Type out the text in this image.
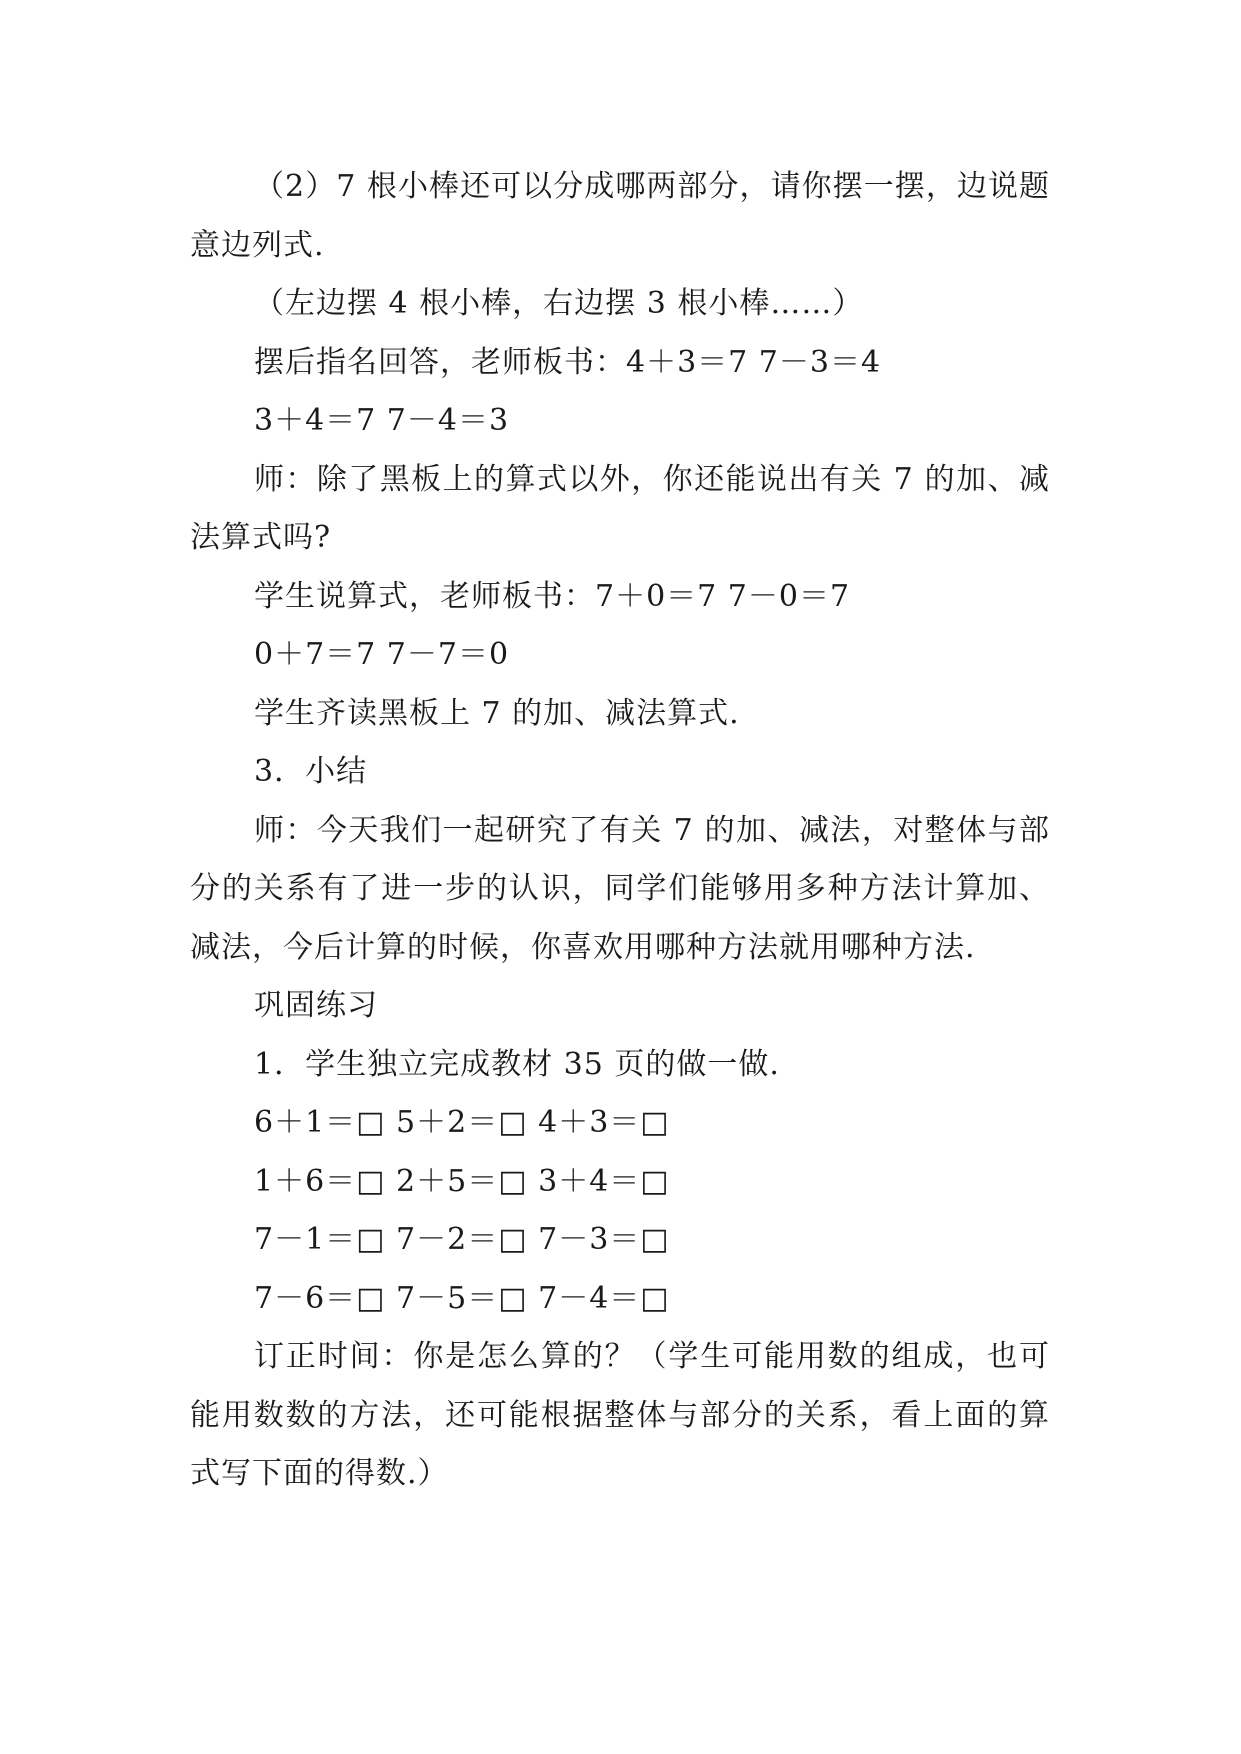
（2）7 根小棒还可以分成哪两部分，请你摆一摆，边说题意边列式.

（左边摆 4 根小棒，右边摆 3 根小棒……）

摆后指名回答，老师板书：4＋3＝7 7－3＝4

3＋4＝7 7－4＝3

师：除了黑板上的算式以外，你还能说出有关 7 的加、减法算式吗?

学生说算式，老师板书：7＋0＝7 7－0＝7

0＋7＝7 7－7＝0

学生齐读黑板上 7 的加、减法算式.

3．小结

师：今天我们一起研究了有关 7 的加、减法，对整体与部分的关系有了进一步的认识，同学们能够用多种方法计算加、减法，今后计算的时候，你喜欢用哪种方法就用哪种方法.

巩固练习

1．学生独立完成教材 35 页的做一做.

6＋1＝□ 5＋2＝□ 4＋3＝□

1＋6＝□ 2＋5＝□ 3＋4＝□

7－1＝□ 7－2＝□ 7－3＝□

7－6＝□ 7－5＝□ 7－4＝□

订正时间：你是怎么算的？（学生可能用数的组成，也可能用数数的方法，还可能根据整体与部分的关系，看上面的算式写下面的得数.）
